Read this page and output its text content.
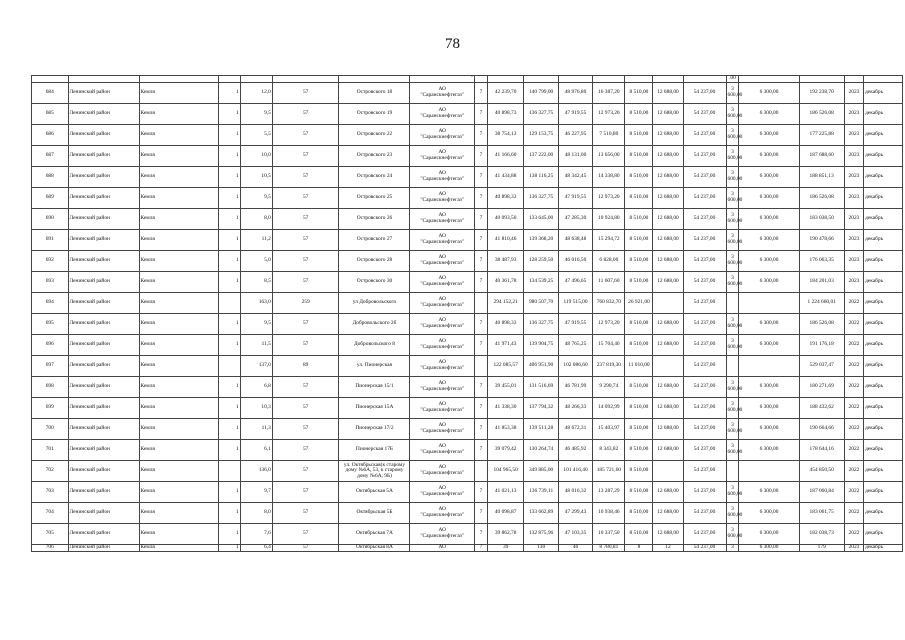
78
							"									.00				
684	Ленинский район	Кемля	1	12,0	57	Островского 18	АО
"Саранскнефтегаз"	7	42 239,70	140 799,00	48 976,80	16 387,20	8 510,00	12 688,00	54 237,00	3 600,00	6 300,00	192 238,70	2023	декабрь
685	Ленинский район	Кемля	1	9,5	57	Островского 19	АО
"Саранскнефтегаз"	7	40 898,73	136 327,75	47 919,55	12 973,20	8 510,00	12 688,00	54 237,00	3 600,00	6 300,00	186 526,08	2023	декабрь
686	Ленинский район	Кемля	1	5,5	57	Островского 22	АО
"Саранскнефтегаз"	7	38 754,13	129 153,75	46 227,95	7 510,80	8 510,00	12 688,00	54 237,00	3 600,00	6 300,00	177 225,88	2023	декабрь
687	Ленинский район	Кемля	1	10,0	57	Островского 23	АО
"Саранскнефтегаз"	7	41 166,60	137 222,00	48 131,00	13 656,00	8 510,00	12 688,00	54 237,00	3 600,00	6 300,00	187 688,60	2023	декабрь
688	Ленинский район	Кемля	1	10,5	57	Островского 24	АО
"Саранскнефтегаз"	7	41 434,88	138 116,25	48 342,45	14 338,80	8 510,00	12 688,00	54 237,00	3 600,00	6 300,00	188 851,13	2023	декабрь
689	Ленинский район	Кемля	1	9,5	57	Островского 25	АО
"Саранскнефтегаз"	7	40 898,33	136 327,75	47 919,55	12 973,20	8 510,00	12 688,00	54 237,00	3 600,00	6 300,00	186 526,08	2023	декабрь
690	Ленинский район	Кемля	1	8,0	57	Островского 26	АО
"Саранскнефтегаз"	7	40 093,50	133 645,00	47 285,30	10 924,80	8 510,00	12 688,00	54 237,00	3 600,00	6 300,00	183 038,50	2023	декабрь
691	Ленинский район	Кемля	1	11,2	57	Островского 27	АО
"Саранскнефтегаз"	7	41 810,46	139 368,20	48 638,48	15 294,72	8 510,00	12 688,00	54 237,00	3 600,00	6 300,00	190 478,66	2023	декабрь
692	Ленинский район	Кемля	1	5,0	57	Островского 28	АО
"Саранскнефтегаз"	7	38 487,93	128 259,50	46 016,50	6 828,00	8 510,00	12 688,00	54 237,00	3 600,00	6 300,00	176 063,35	2023	декабрь
693	Ленинский район	Кемля	1	8,5	57	Островского 30	АО
"Саранскнефтегаз"	7	40 361,78	134 539,25	47 496,65	11 607,60	8 510,00	12 688,00	54 237,00	3 600,00	6 300,00	184 201,03	2023	декабрь
694	Ленинский район	Кемля		163,0	259	ул Добровольского	АО
"Саранскнефтегаз"		294 152,21	980 507,70	119 515,00	760 832,70	26 921,00		54 237,00			1 224 660,01	2022	декабрь
695	Ленинский район	Кемля	1	9,5	57	Добровольского 2б	АО
"Саранскнефтегаз"	7	40 898,33	136 327,75	47 919,55	12 973,20	8 510,00	12 688,00	54 237,00	3 600,00	6 300,00	186 526,08	2022	декабрь
696	Ленинский район	Кемля	1	11,5	57	Добровольского 8	АО
"Саранскнефтегаз"	7	41 971,43	139 904,75	48 765,25	15 704,40	8 510,00	12 688,00	54 237,00	3 600,00	6 300,00	191 176,18	2022	декабрь
697	Ленинский район	Кемля		137,0	89	ул. Пионерская	АО
"Саранскнефтегаз"		122 085,57	406 951,90	102 086,60	237 819,30	11 010,00		54 237,00			529 037,47	2022	декабрь
698	Ленинский район	Кемля	1	6,8	57	Пионерская 15/1	АО
"Саранскнефтегаз"	7	39 455,01	131 516,69	46 781,99	9 290,74	8 510,00	12 688,00	54 237,00	3 600,00	6 300,00	180 271,69	2022	декабрь
699	Ленинский район	Кемля	1	10,3	57	Пионерская 15А	АО
"Саранскнефтегаз"	7	41 338,30	137 794,32	48 266,33	14 092,99	8 510,00	12 688,00	54 237,00	3 600,00	6 300,00	188 432,62	2022	декабрь
700	Ленинский район	Кемля	1	11,3	57	Пионерская 17/2	АО
"Саранскнефтегаз"	7	41 853,38	139 511,28	48 672,31	15 403,97	8 510,00	12 688,00	54 237,00	3 600,00	6 300,00	190 664,66	2022	декабрь
701	Ленинский район	Кемля	1	6,1	57	Пионерская 17Б	АО
"Саранскнефтегаз"	7	39 079,42	130 264,74	46 485,92	8 343,82	8 510,00	12 688,00	54 237,00	3 600,00	6 300,00	178 644,16	2022	декабрь
702	Ленинский район	Кемля		136,0	57	ул. Октябрьская(к старому дому №6А, 53, к старому дому №6А, 9Б)	АО
"Саранскнефтегаз"		104 965,50	349 885,00	101 416,40	185 721,60	8 510,00		54 237,00			454 850,50	2022	декабрь
703	Ленинский район	Кемля	1	9,7	57	Октябрьская 5А	АО
"Саранскнефтегаз"	7	41 021,13	136 739,11	48 016,32	13 287,29	8 510,00	12 688,00	54 237,00	3 600,00	6 300,00	187 060,84	2022	декабрь
704	Ленинский район	Кемля	1	8,0	57	Октябрьская 5Б	АО
"Саранскнефтегаз"	7	40 098,87	133 662,89	47 299,43	10 938,46	8 510,00	12 688,00	54 237,00	3 600,00	6 300,00	183 061,75	2022	декабрь
705	Ленинский район	Кемля	1	7,6	57	Октябрьская 7А	АО
"Саранскнефтегаз"	7	39 862,78	132 875,96	47 103,35	10 337,50	8 510,00	12 688,00	54 237,00	3 600,00	6 300,00	182 038,73	2022	декабрь
706	Ленинский район	Кемля	1	6,4	57	Октябрьская 8А	АО	7	39	130	46	8 780,81	8	12	54 237,00	3	6 300,00	179	2023	декабрь
